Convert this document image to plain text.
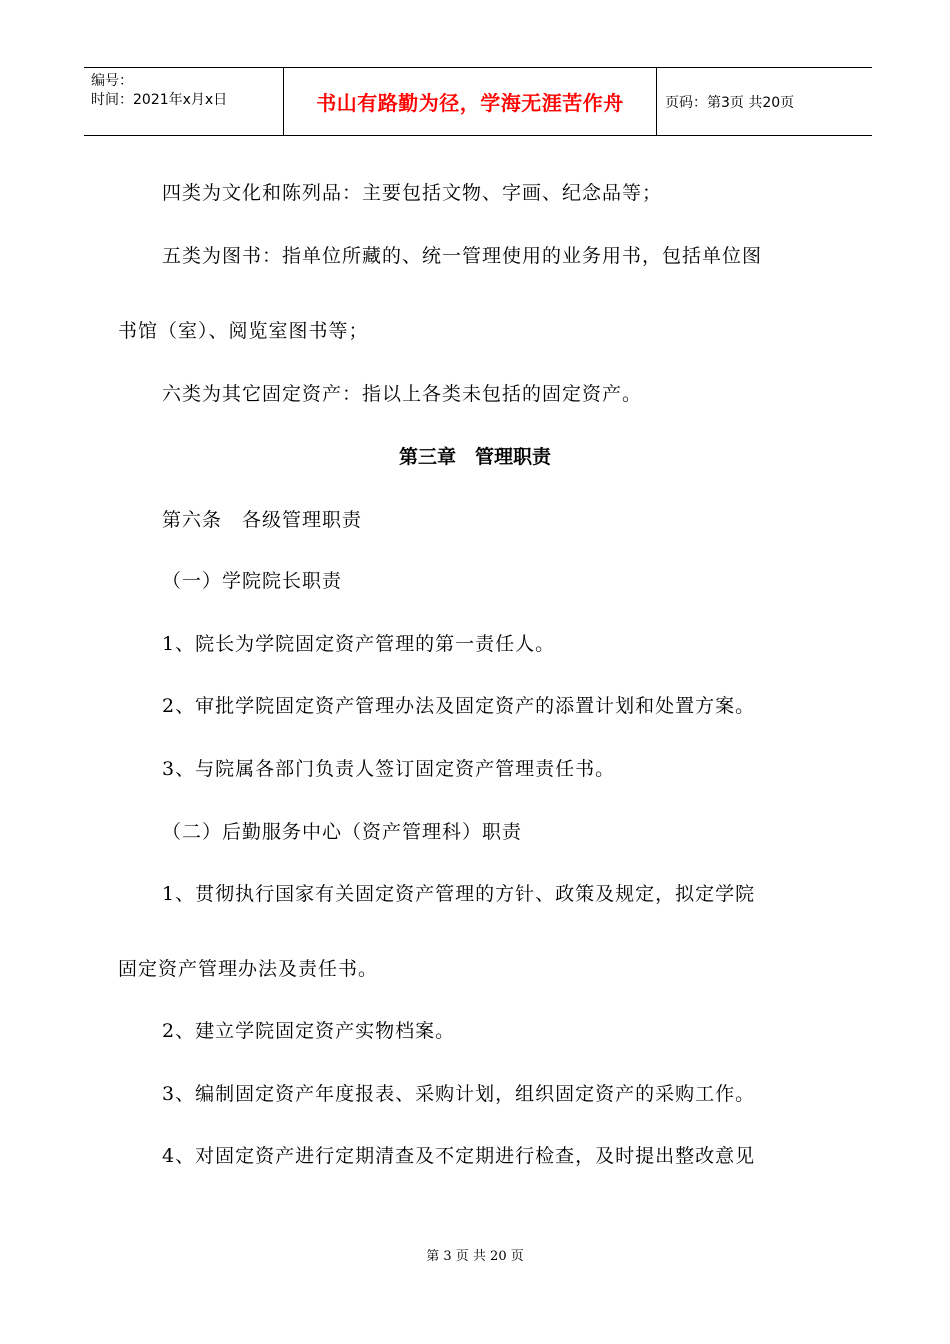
编号：
时间：2021年x月x日	书山有路勤为径，学海无涯苦作舟	页码：第3页 共20页
四类为文化和陈列品：主要包括文物、字画、纪念品等；
五类为图书：指单位所藏的、统一管理使用的业务用书，包括单位图
书馆（室）、阅览室图书等；
六类为其它固定资产：指以上各类未包括的固定资产。
第三章　管理职责
第六条　各级管理职责
（一）学院院长职责
1、院长为学院固定资产管理的第一责任人。
2、审批学院固定资产管理办法及固定资产的添置计划和处置方案。
3、与院属各部门负责人签订固定资产管理责任书。
（二）后勤服务中心（资产管理科）职责
1、贯彻执行国家有关固定资产管理的方针、政策及规定，拟定学院
固定资产管理办法及责任书。
2、建立学院固定资产实物档案。
3、编制固定资产年度报表、采购计划，组织固定资产的采购工作。
4、对固定资产进行定期清查及不定期进行检查，及时提出整改意见
第 3 页 共 20 页
